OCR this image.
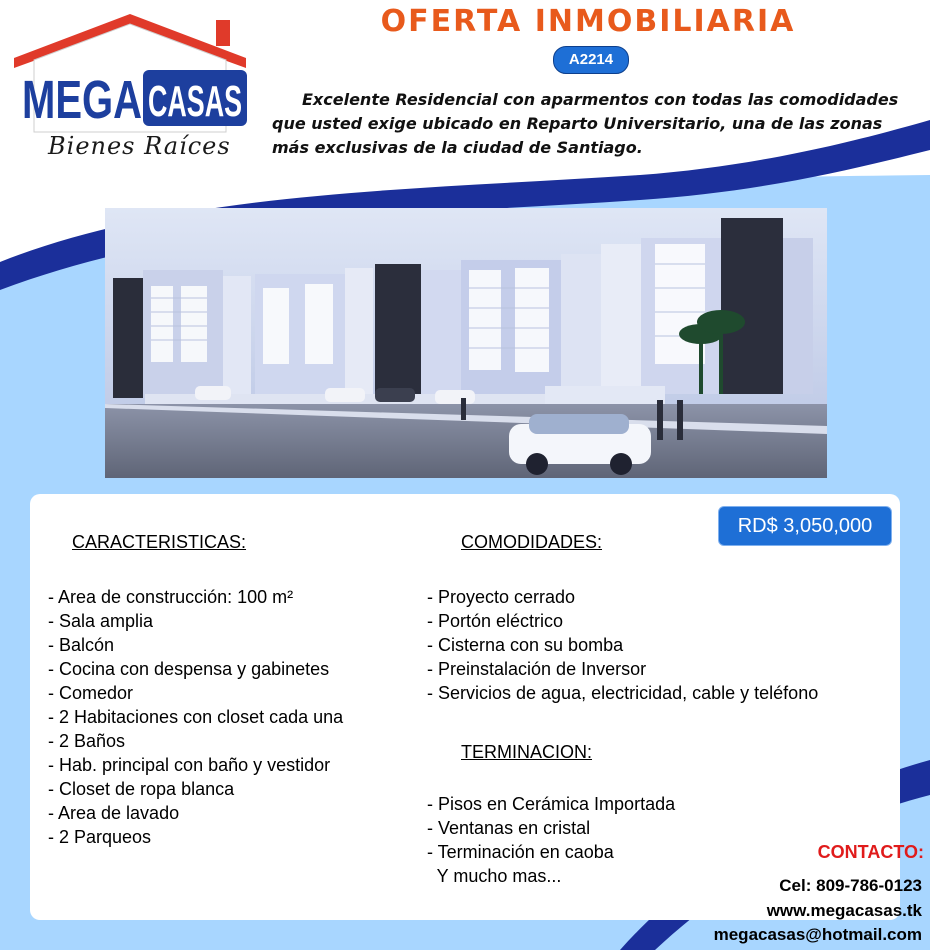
MEGA CASAS
Bienes Raíces
OFERTA INMOBILIARIA
A2214
Excelente Residencial con aparmentos con todas las comodidades que usted exige ubicado en Reparto Universitario, una de las zonas más exclusivas de la ciudad de Santiago.
RD$ 3,050,000
CARACTERISTICAS:
- Area de construcción: 100 m²
- Sala amplia
- Balcón
- Cocina con despensa y gabinetes
- Comedor
- 2 Habitaciones con closet cada una
- 2 Baños
- Hab. principal con baño y vestidor
- Closet de ropa blanca
- Area de lavado
- 2 Parqueos
COMODIDADES:
- Proyecto cerrado
- Portón eléctrico
- Cisterna con su bomba
- Preinstalación de Inversor
- Servicios de agua, electricidad, cable y teléfono
TERMINACION:
- Pisos en Cerámica Importada
- Ventanas en cristal
- Terminación en caoba
Y mucho mas...
CONTACTO:
Cel: 809-786-0123
www.megacasas.tk
megacasas@hotmail.com
